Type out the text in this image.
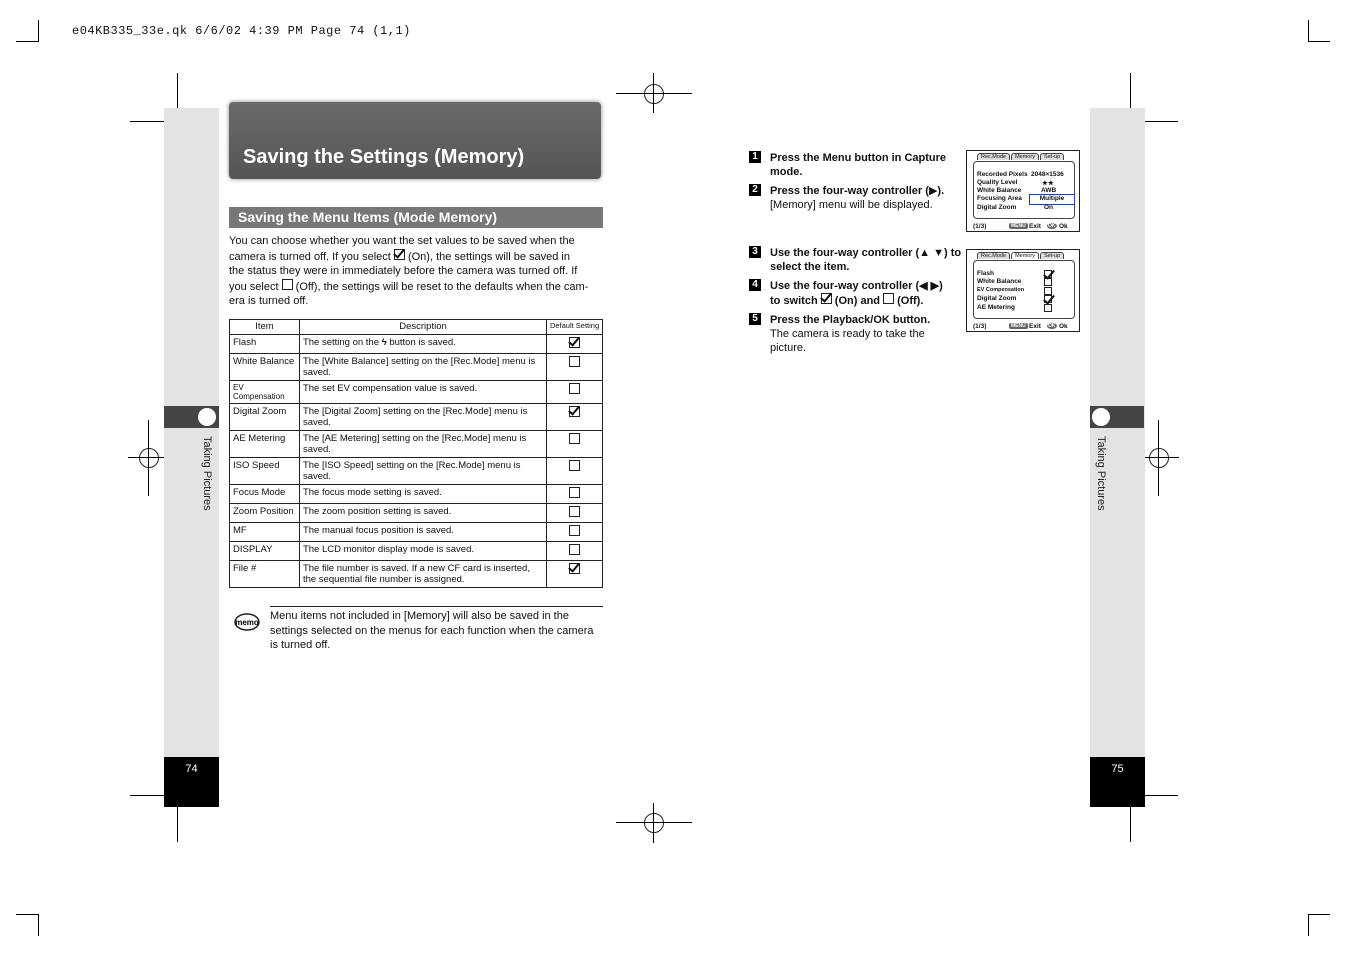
e04KB335_33e.qk 6/6/02 4:39 PM Page 74 (1,1)
Taking Pictures
74
Saving the Settings (Memory)
Saving the Menu Items (Mode Memory)
You can choose whether you want the set values to be saved when the
camera is turned off. If you select (On), the settings will be saved in
the status they were in immediately before the camera was turned off. If
you select (Off), the settings will be reset to the defaults when the cam-
era is turned off.
Item	Description	Default Setting
Flash	The setting on the ϟ button is saved.	
White Balance	The [White Balance] setting on the [Rec.Mode] menu is saved.	
EV Compensation	The set EV compensation value is saved.	
Digital Zoom	The [Digital Zoom] setting on the [Rec.Mode] menu is saved.	
AE Metering	The [AE Metering] setting on the [Rec.Mode] menu is saved.	
ISO Speed	The [ISO Speed] setting on the [Rec.Mode] menu is saved.	
Focus Mode	The focus mode setting is saved.	
Zoom Position	The zoom position setting is saved.	
MF	The manual focus position is saved.	
DISPLAY	The LCD monitor display mode is saved.	
File #	The file number is saved. If a new CF card is inserted, the sequential file number is assigned.	
memo
Menu items not included in [Memory] will also be saved in the settings selected on the menus for each function when the camera is turned off.
Taking Pictures
75
1 Press the Menu button in Capture mode.
2 Press the four-way controller (▶).
[Memory] menu will be displayed.
3 Use the four-way controller (▲ ▼) to select the item.
4 Use the four-way controller (◀ ▶)
to switch (On) and (Off).
5 Press the Playback/OK button.
The camera is ready to take the picture.
Rec.Mode Memory Set-up
Recorded Pixels 2048×1536
Quality Level	★★
White Balance	AWB
Focusing Area	Multiple
Digital Zoom	On
(1/3)	MENU Exit OK Ok
Rec.Mode Memory Set-up
Flash
White Balance
EV Compensation
Digital Zoom
AE Metering
(1/3)	MENU Exit OK Ok
